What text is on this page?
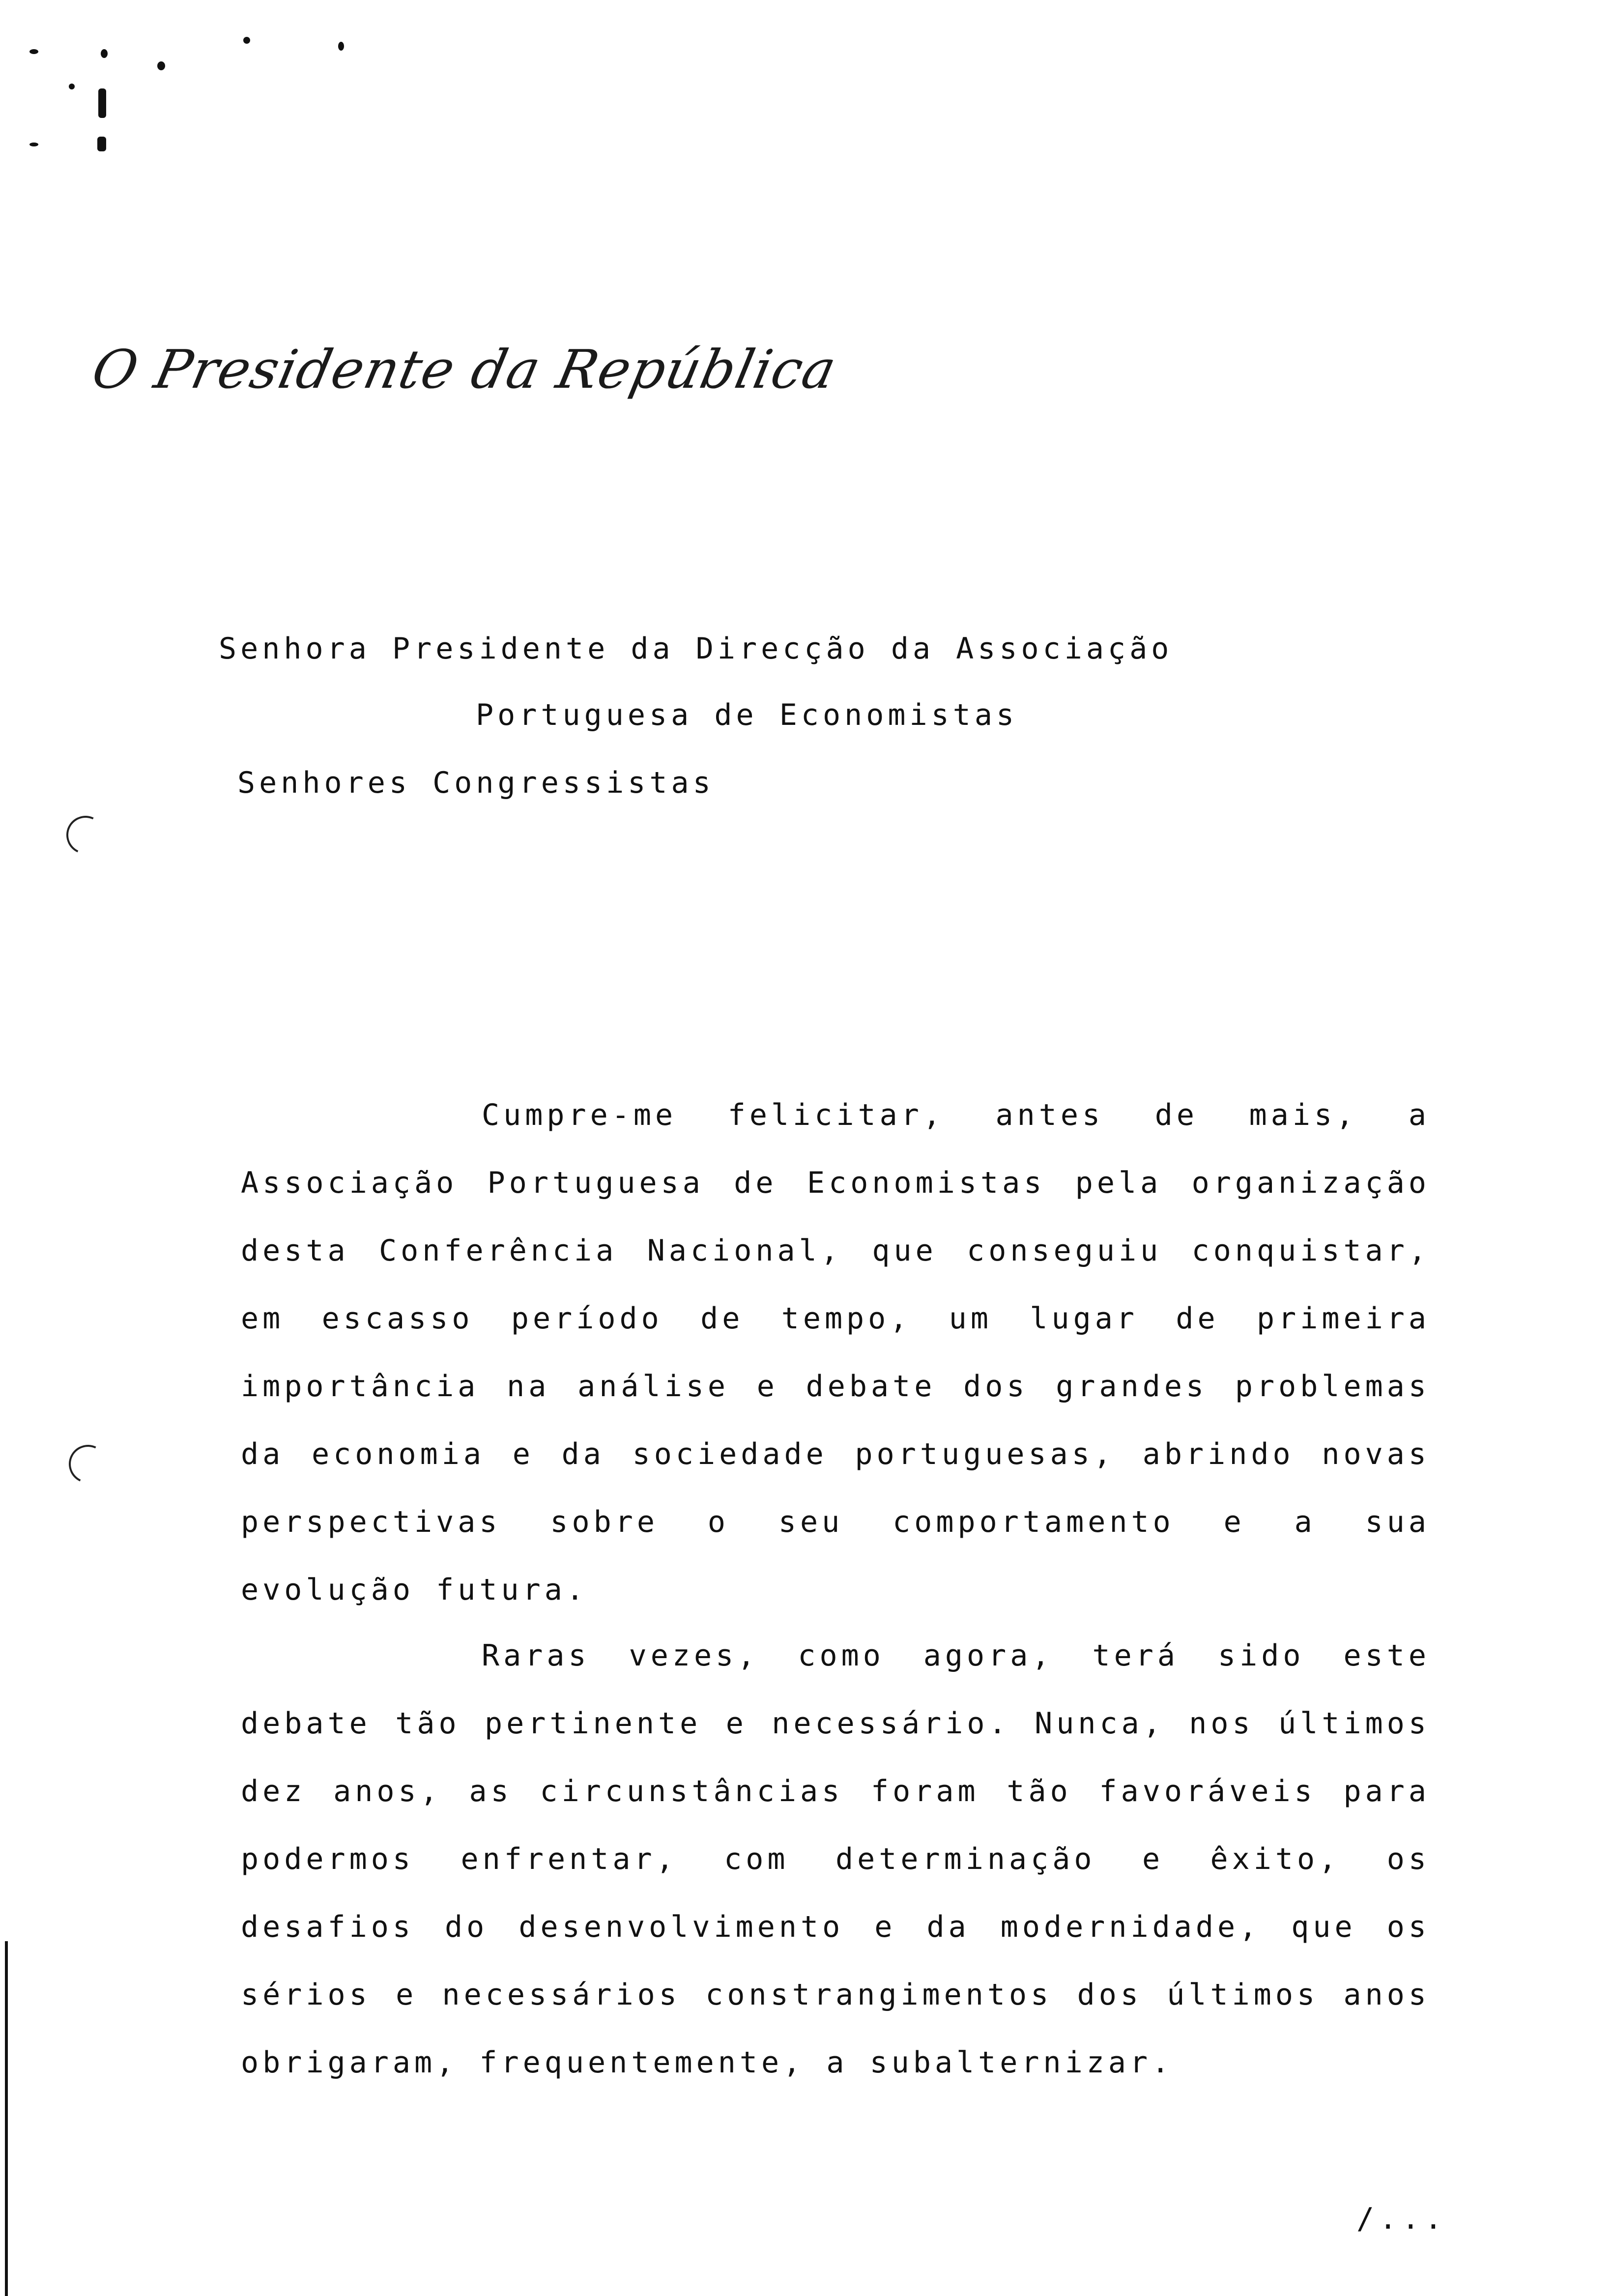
O Presidente da República
Senhora Presidente da Direcção da Associação
Portuguesa de Economistas
Senhores Congressistas
Cumpre-me felicitar, antes de mais, a Associação Portuguesa de Economistas pela organização desta Conferência Nacional, que conseguiu conquistar, em escasso período de tempo, um lugar de primeira importância na análise e debate dos grandes problemas da economia e da sociedade portuguesas, abrindo novas perspectivas sobre o seu comportamento e a sua evolução futura.
Raras vezes, como agora, terá sido este debate tão pertinente e necessário. Nunca, nos últimos dez anos, as circunstâncias foram tão favoráveis para podermos enfrentar, com determinação e êxito, os desafios do desenvolvimento e da modernidade, que os sérios e necessários constrangimentos dos últimos anos obrigaram, frequentemente, a subalternizar.
/...
